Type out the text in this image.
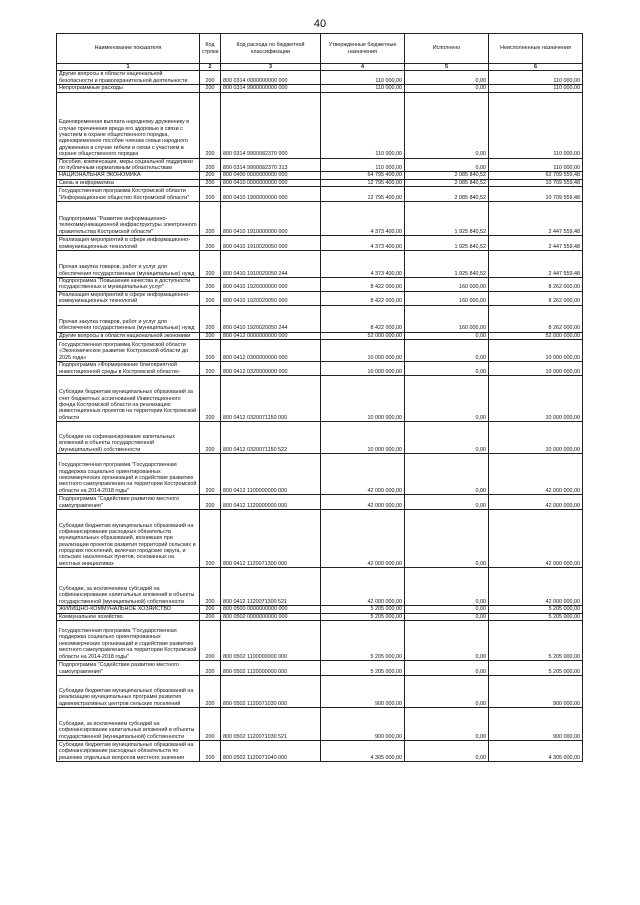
40
Наименование показателя	Код строки	Код расхода по бюджетной классификации	Утвержденные бюджетные назначения	Исполнено	Неисполненные назначения
1	2	3	4	5	6
Другие вопросы в области национальной безопасности и правоохранительной деятельности	200	800 0314 0000000000 000	110 000,00	0,00	110 000,00
Непрограммные расходы	200	800 0314 9900000000 000	110 000,00	0,00	110 000,00
Единовременная выплата народному дружиннику в случае причинения вреда его здоровью в связи с участием в охране общественного порядка, единовременное пособие членам семьи народного дружинника в случае гибели в связи с участием в охране общественного порядка	200	800 0314 9900082370 000	110 000,00	0,00	110 000,00
Пособия, компенсации, меры социальной поддержки по публичным нормативным обязательствам	200	800 0314 9900082370 313	110 000,00	0,00	110 000,00
НАЦИОНАЛЬНАЯ ЭКОНОМИКА	200	800 0400 0000000000 000	64 795 400,00	2 085 840,52	62 709 559,48
Связь и информатика	200	800 0410 0000000000 000	12 795 400,00	2 085 840,52	10 709 559,48
Государственная программа Костромской области "Информационное общество Костромской области"	200	800 0410 1900000000 000	12 795 400,00	2 085 840,52	10 709 559,48
Подпрограмма "Развитие информационно-телекоммуникационной инфраструктуры электронного правительства Костромской области"	200	800 0410 1910000000 000	4 373 400,00	1 925 840,52	2 447 559,48
Реализация мероприятий в сфере информационно-коммуникационных технологий	200	800 0410 1910020050 000	4 373 400,00	1 925 840,52	2 447 559,48
Прочая закупка товаров, работ и услуг для обеспечения государственных (муниципальных) нужд	200	800 0410 1910020050 244	4 373 400,00	1 925 840,52	2 447 559,48
Подпрограмма "Повышение качества и доступности государственных и муниципальных услуг"	200	800 0410 1920000000 000	8 422 000,00	160 000,00	8 262 000,00
Реализация мероприятий в сфере информационно-коммуникационных технологий	200	800 0410 1920020050 000	8 422 000,00	160 000,00	8 262 000,00
Прочая закупка товаров, работ и услуг для обеспечения государственных (муниципальных) нужд	200	800 0410 1920020050 244	8 422 000,00	160 000,00	8 262 000,00
Другие вопросы в области национальной экономики	200	800 0412 0000000000 000	52 000 000,00	0,00	52 000 000,00
Государственная программа Костромской области «Экономическое развитие Костромской области до 2025 года»	200	800 0412 0300000000 000	10 000 000,00	0,00	10 000 000,00
Подпрограмма «Формирование благоприятной инвестиционной среды в Костромской области»	200	800 0412 0320000000 000	10 000 000,00	0,00	10 000 000,00
Субсидии бюджетам муниципальных образований за счет бюджетных ассигнований Инвестиционного фонда Костромской области на реализацию инвестиционных проектов на территории Костромской области	200	800 0412 0320071150 000	10 000 000,00	0,00	10 000 000,00
Субсидии на софинансирование капитальных вложений в объекты государственной (муниципальной) собственности	200	800 0412 0320071150 522	10 000 000,00	0,00	10 000 000,00
Государственная программа "Государственная поддержка социально ориентированных некоммерческих организаций и содействие развитию местного самоуправления на территории Костромской области на 2014-2018 годы"	200	800 0412 1100000000 000	42 000 000,00	0,00	42 000 000,00
Подпрограмма "Содействие развитию местного самоуправления"	200	800 0412 1120000000 000	42 000 000,00	0,00	42 000 000,00
Субсидии бюджетам муниципальных образований на софинансирование расходных обязательств муниципальных образований, возникших при реализации проектов развития территорий сельских и городских поселений, включая городские округа, и сельских населенных пунктов, основанных на местных инициативах	200	800 0412 1120071300 000	42 000 000,00	0,00	42 000 000,00
Субсидии, за исключением субсидий на софинансирование капитальных вложений в объекты государственной (муниципальной) собственности	200	800 0412 1120071300 521	42 000 000,00	0,00	42 000 000,00
ЖИЛИЩНО-КОММУНАЛЬНОЕ ХОЗЯЙСТВО	200	800 0500 0000000000 000	5 205 000,00	0,00	5 205 000,00
Коммунальное хозяйство	200	800 0502 0000000000 000	5 205 000,00	0,00	5 205 000,00
Государственная программа "Государственная поддержка социально ориентированных некоммерческих организаций и содействие развитию местного самоуправления на территории Костромской области на 2014-2018 годы"	200	800 0502 1100000000 000	5 205 000,00	0,00	5 205 000,00
Подпрограмма "Содействие развитию местного самоуправления"	200	800 0502 1120000000 000	5 205 000,00	0,00	5 205 000,00
Субсидии бюджетам муниципальных образований на реализацию муниципальных программ развития административных центров сельских поселений	200	800 0502 1120071030 000	900 000,00	0,00	900 000,00
Субсидии, за исключением субсидий на софинансирование капитальных вложений в объекты государственной (муниципальной) собственности	200	800 0502 1120071030 521	900 000,00	0,00	900 000,00
Субсидии бюджетам муниципальных образований на софинансирование расходных обязательств по решению отдельных вопросов местного значения	200	800 0502 1120071040 000	4 305 000,00	0,00	4 305 000,00
